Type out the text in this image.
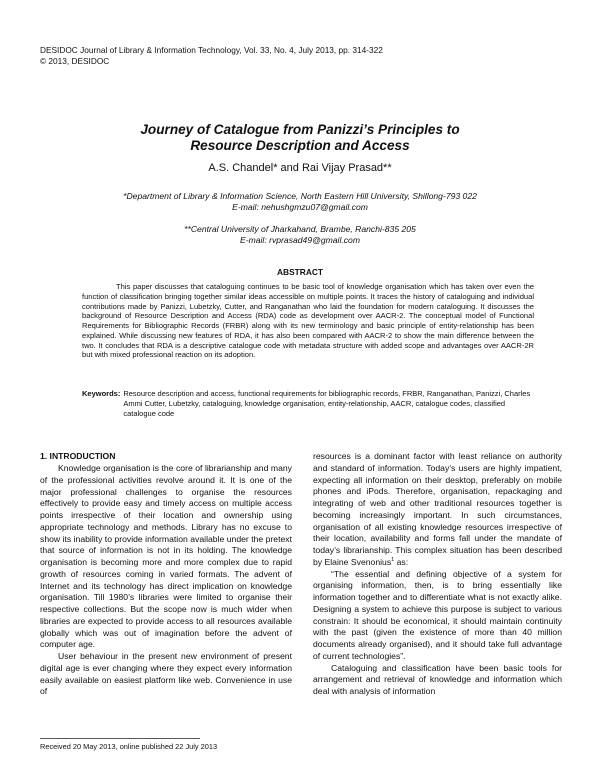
DESIDOC Journal of Library & Information Technology, Vol. 33, No. 4, July 2013, pp. 314-322
© 2013, DESIDOC
Journey of Catalogue from Panizzi’s Principles to
Resource Description and Access
A.S. Chandel* and Rai Vijay Prasad**
*Department of Library & Information Science, North Eastern Hill University, Shillong-793 022
E-mail: nehushgmzu07@gmail.com
**Central University of Jharkahand, Brambe, Ranchi-835 205
E-mail: rvprasad49@gmail.com
ABSTRACT

This paper discusses that cataloguing continues to be basic tool of knowledge organisation which has taken over even the function of classification bringing together similar ideas accessible on multiple points. It traces the history of cataloguing and individual contributions made by Panizzi, Lubetzky, Cutter, and Ranganathan who laid the foundation for modern cataloguing. It discusses the background of Resource Description and Access (RDA) code as development over AACR-2. The conceptual model of Functional Requirements for Bibliographic Records (FRBR) along with its new terminology and basic principle of entity-relationship has been explained. While discussing new features of RDA, it has also been compared with AACR-2 to show the main difference between the two. It concludes that RDA is a descriptive catalogue code with metadata structure with added scope and advantages over AACR-2R but with mixed professional reaction on its adoption.

Keywords: Resource description and access, functional requirements for bibliographic records, FRBR, Ranganathan, Panizzi, Charles Ammi Cutter, Lubetzky, cataloguing, knowledge organisation, entity-relationship, AACR, catalogue codes, classified catalogue code
1. INTRODUCTION

Knowledge organisation is the core of librarianship and many of the professional activities revolve around it. It is one of the major professional challenges to organise the resources effectively to provide easy and timely access on multiple access points irrespective of their location and ownership using appropriate technology and methods. Library has no excuse to show its inability to provide information available under the pretext that source of information is not in its holding. The knowledge organisation is becoming more and more complex due to rapid growth of resources coming in varied formats. The advent of Internet and its technology has direct implication on knowledge organisation. Till 1980’s libraries were limited to organise their respective collections. But the scope now is much wider when libraries are expected to provide access to all resources available globally which was out of imagination before the advent of computer age.

User behaviour in the present new environment of present digital age is ever changing where they expect every information easily available on easiest platform like web. Convenience in use of

resources is a dominant factor with least reliance on authority and standard of information. Today’s users are highly impatient, expecting all information on their desktop, preferably on mobile phones and iPods. Therefore, organisation, repackaging and integrating of web and other traditional resources together is becoming increasingly important. In such circumstances, organisation of all existing knowledge resources irrespective of their location, availability and forms fall under the mandate of today’s librarianship. This complex situation has been described by Elaine Svenonius$^1$ as:

“The essential and defining objective of a system for organising information, then, is to bring essentially like information together and to differentiate what is not exactly alike. Designing a system to achieve this purpose is subject to various constrain: It should be economical, it should maintain continuity with the past (given the existence of more than 40 million documents already organised), and it should take full advantage of current technologies”.

Cataloguing and classification have been basic tools for arrangement and retrieval of knowledge and information which deal with analysis of information

Received 20 May 2013, online published 22 July 2013
